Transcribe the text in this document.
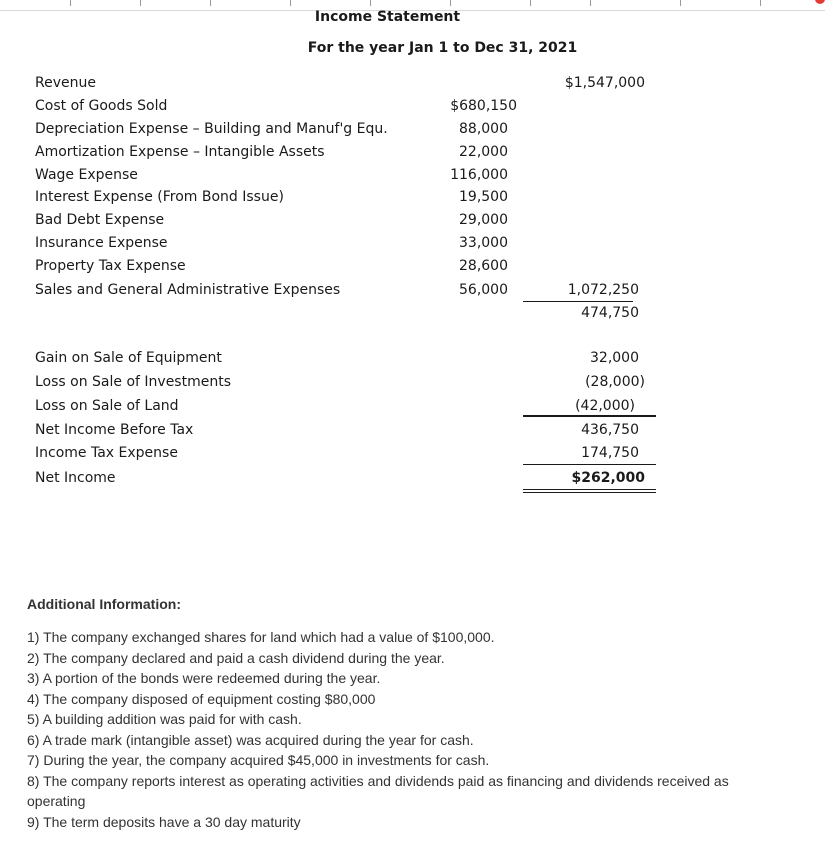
Income Statement
For the year Jan 1 to Dec 31, 2021
Revenue	$1,547,000
Cost of Goods Sold	$680,150
Depreciation Expense – Building and Manuf'g Equ.	88,000
Amortization Expense – Intangible Assets	22,000
Wage Expense	116,000
Interest Expense (From Bond Issue)	19,500
Bad Debt Expense	29,000
Insurance Expense	33,000
Property Tax Expense	28,600
Sales and General Administrative Expenses	56,000	1,072,250
474,750
Gain on Sale of Equipment	32,000
Loss on Sale of Investments	(28,000)
Loss on Sale of Land	(42,000)
Net Income Before Tax	436,750
Income Tax Expense	174,750
Net Income	$262,000
Additional Information:
1) The company exchanged shares for land which had a value of $100,000.
2) The company declared and paid a cash dividend during the year.
3) A portion of the bonds were redeemed during the year.
4) The company disposed of equipment costing $80,000
5) A building addition was paid for with cash.
6) A trade mark (intangible asset) was acquired during the year for cash.
7) During the year, the company acquired $45,000 in investments for cash.
8) The company reports interest as operating activities and dividends paid as financing and dividends received as operating
9) The term deposits have a 30 day maturity
